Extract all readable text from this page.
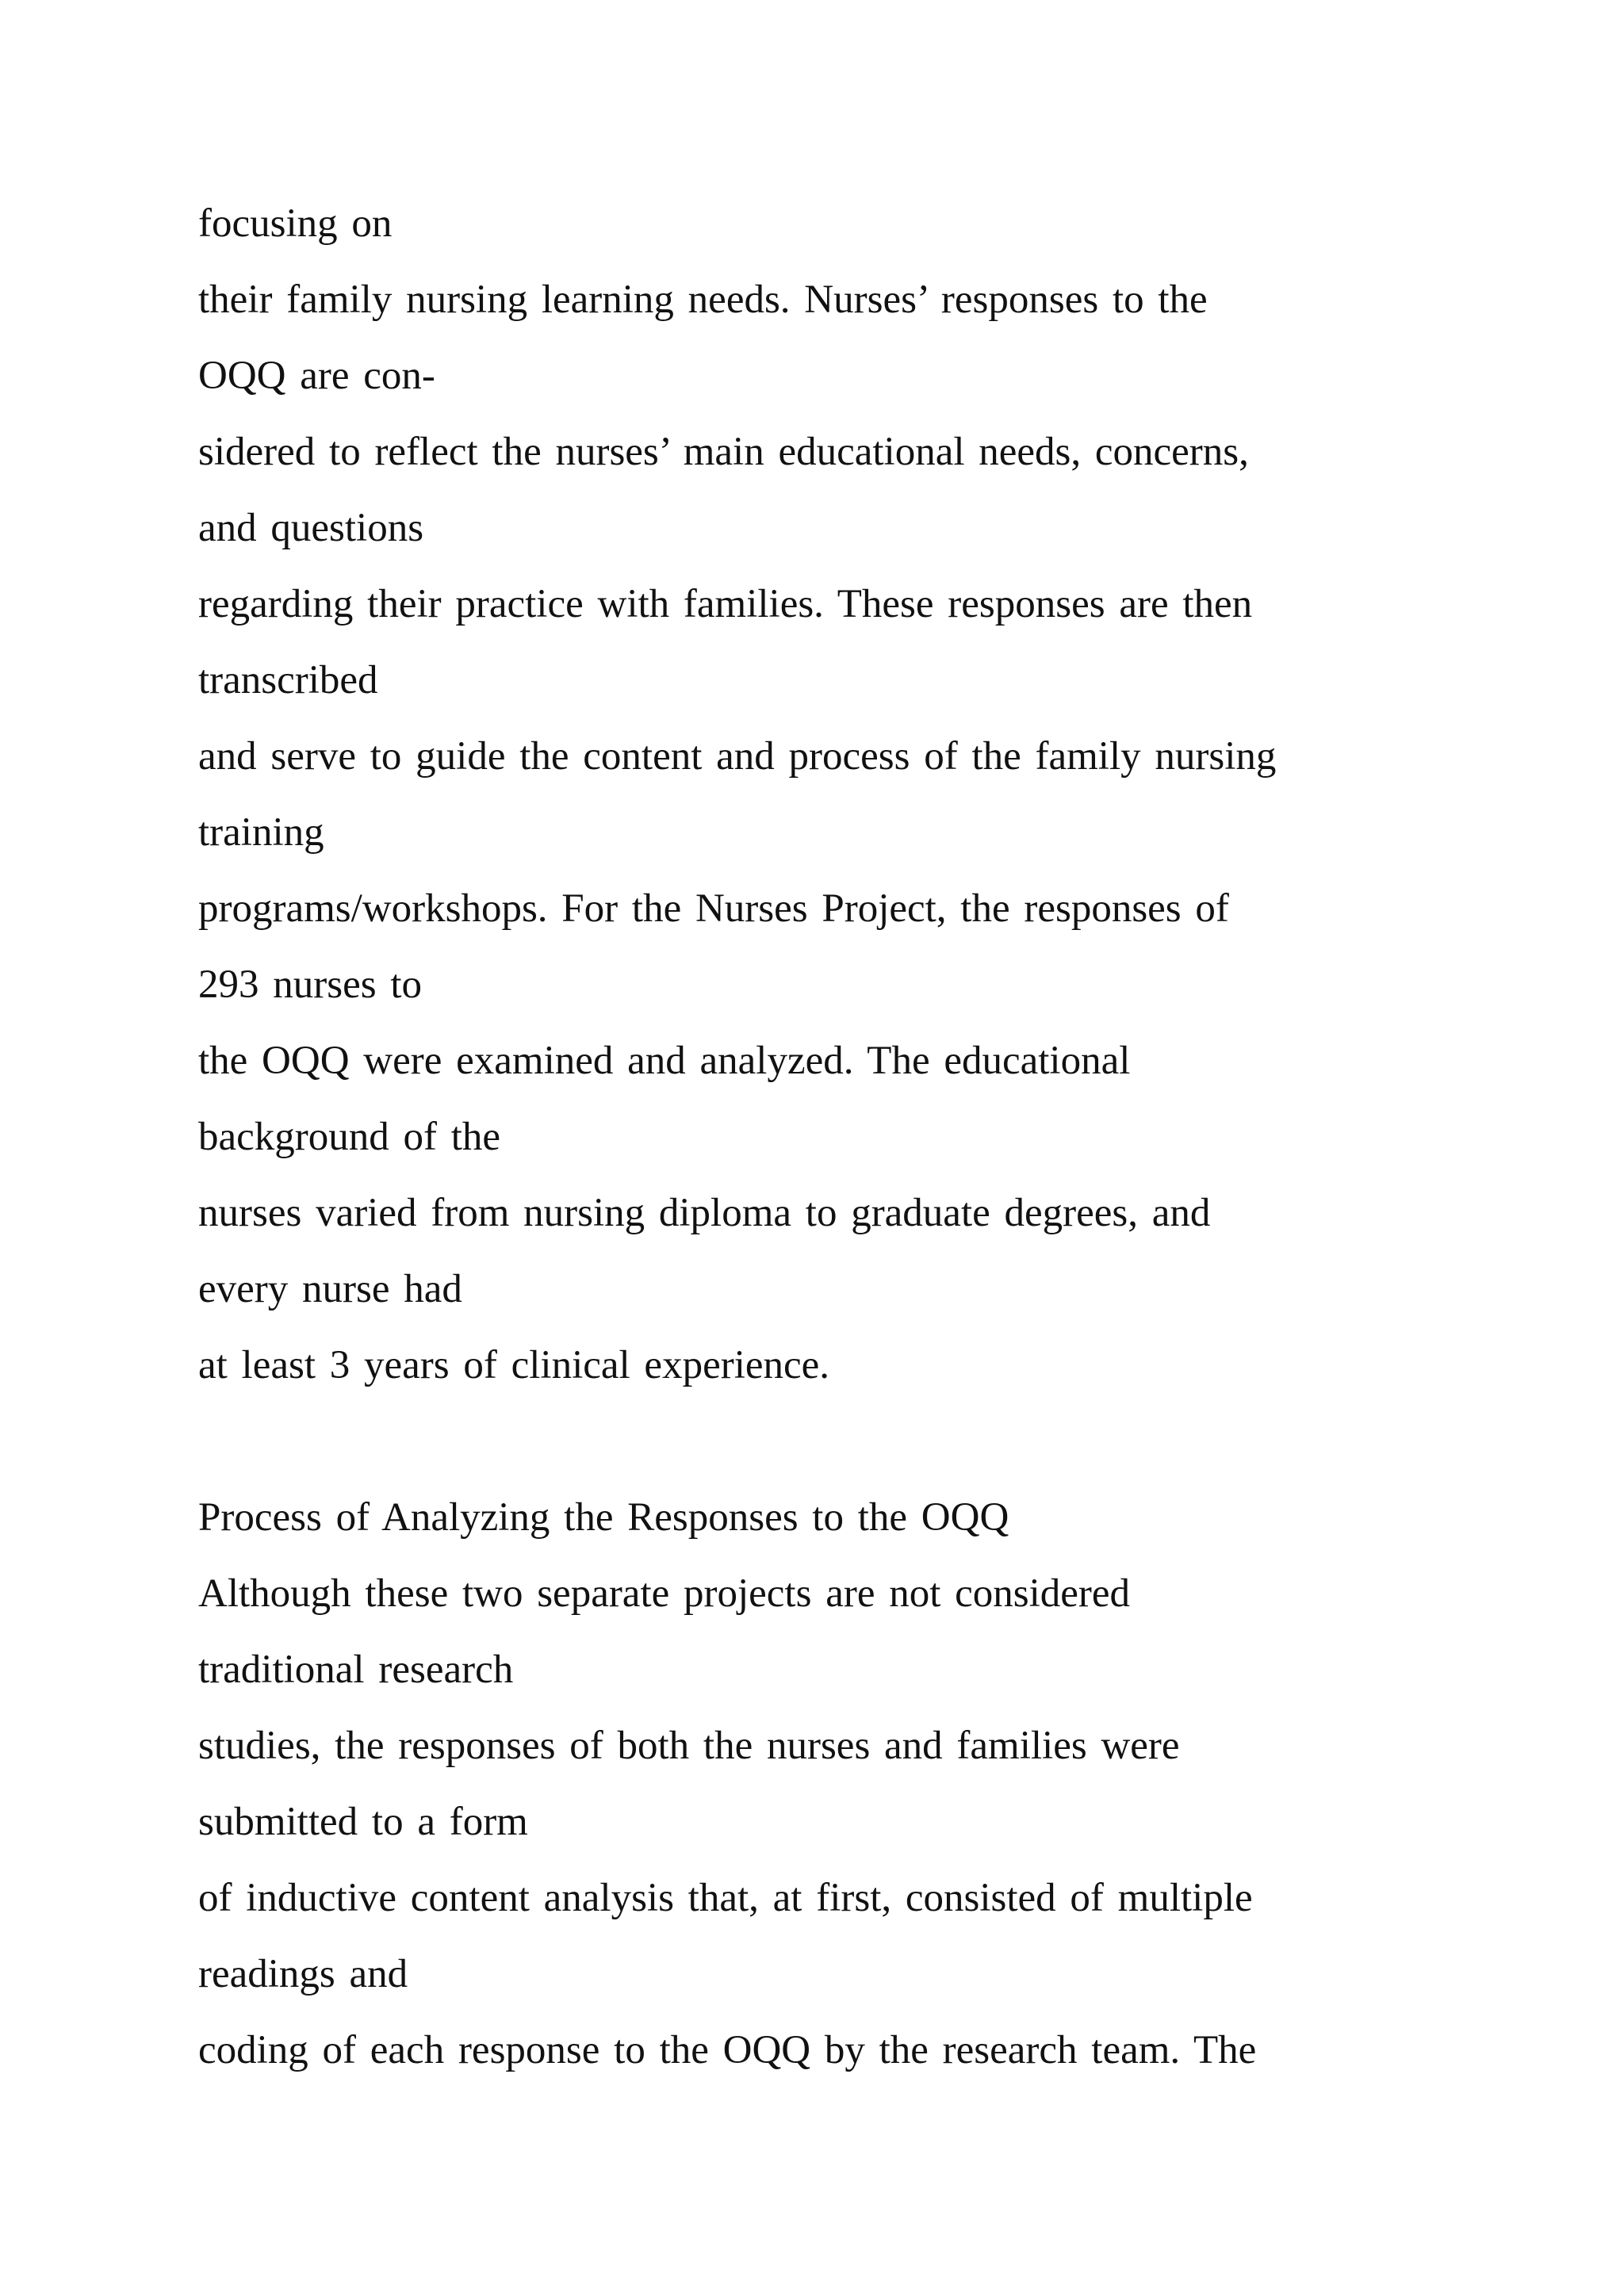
focusing on

their family nursing learning needs. Nurses’ responses to the

OQQ are con-

sidered to reflect the nurses’ main educational needs, concerns,

and questions

regarding their practice with families. These responses are then

transcribed

and serve to guide the content and process of the family nursing

training

programs/workshops. For the Nurses Project, the responses of

293 nurses to

the OQQ were examined and analyzed. The educational

background of the

nurses varied from nursing diploma to graduate degrees, and

every nurse had

at least 3 years of clinical experience.

Process of Analyzing the Responses to the OQQ

Although these two separate projects are not considered

traditional research

studies, the responses of both the nurses and families were

submitted to a form

of inductive content analysis that, at first, consisted of multiple

readings and

coding of each response to the OQQ by the research team. The
